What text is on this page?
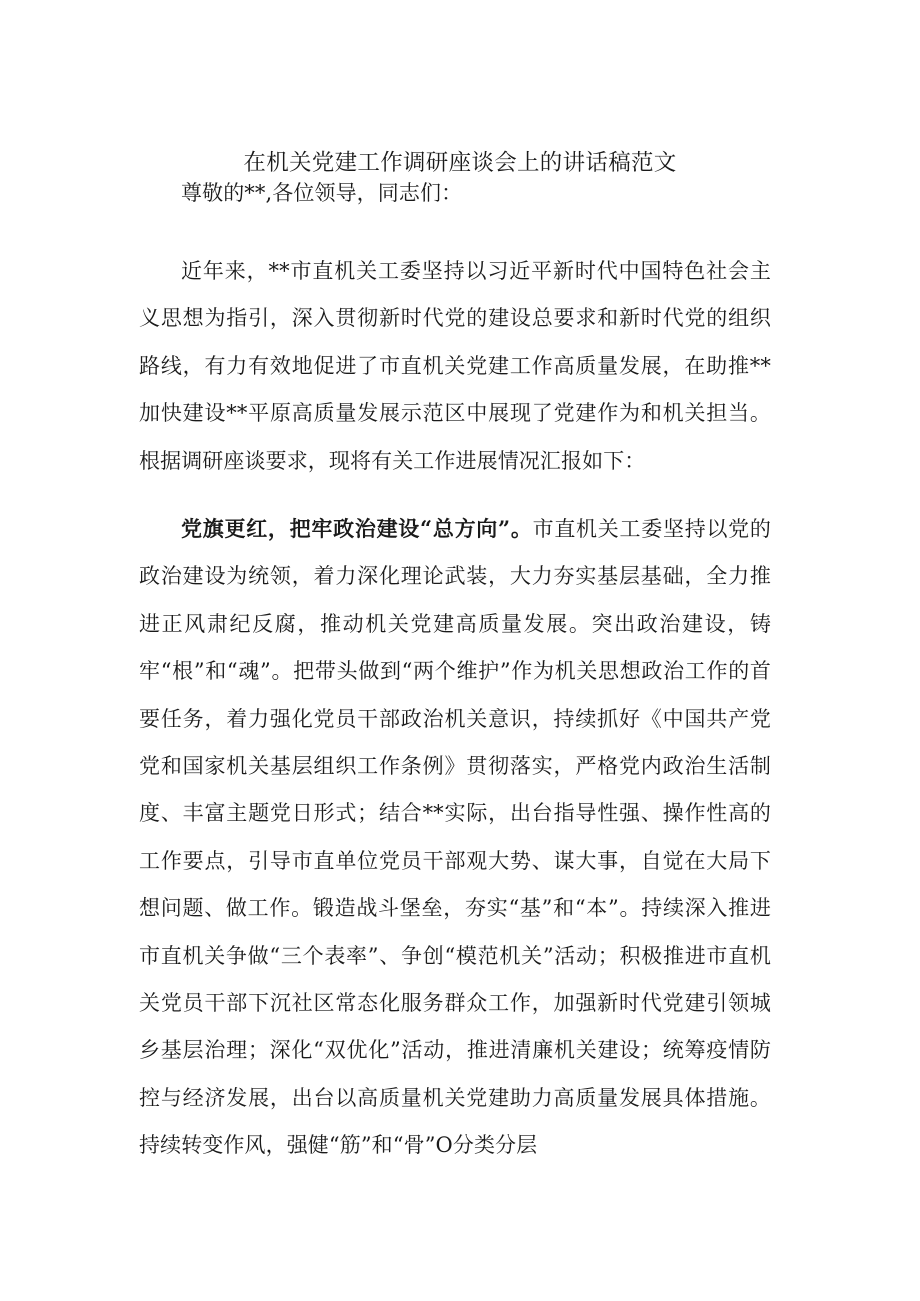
在机关党建工作调研座谈会上的讲话稿范文

尊敬的**,各位领导，同志们：

近年来，**市直机关工委坚持以习近平新时代中国特色社会主义思想为指引，深入贯彻新时代党的建设总要求和新时代党的组织路线，有力有效地促进了市直机关党建工作高质量发展，在助推**加快建设**平原高质量发展示范区中展现了党建作为和机关担当。根据调研座谈要求，现将有关工作进展情况汇报如下：

党旗更红，把牢政治建设“总方向”。市直机关工委坚持以党的政治建设为统领，着力深化理论武装，大力夯实基层基础，全力推进正风肃纪反腐，推动机关党建高质量发展。突出政治建设，铸牢“根”和“魂”。把带头做到“两个维护”作为机关思想政治工作的首要任务，着力强化党员干部政治机关意识，持续抓好《中国共产党党和国家机关基层组织工作条例》贯彻落实，严格党内政治生活制度、丰富主题党日形式；结合**实际，出台指导性强、操作性高的工作要点，引导市直单位党员干部观大势、谋大事，自觉在大局下想问题、做工作。锻造战斗堡垒，夯实“基”和“本”。持续深入推进市直机关争做“三个表率”、争创“模范机关”活动；积极推进市直机关党员干部下沉社区常态化服务群众工作，加强新时代党建引领城乡基层治理；深化“双优化”活动，推进清廉机关建设；统筹疫情防控与经济发展，出台以高质量机关党建助力高质量发展具体措施。持续转变作风，强健“筋”和“骨”O分类分层
